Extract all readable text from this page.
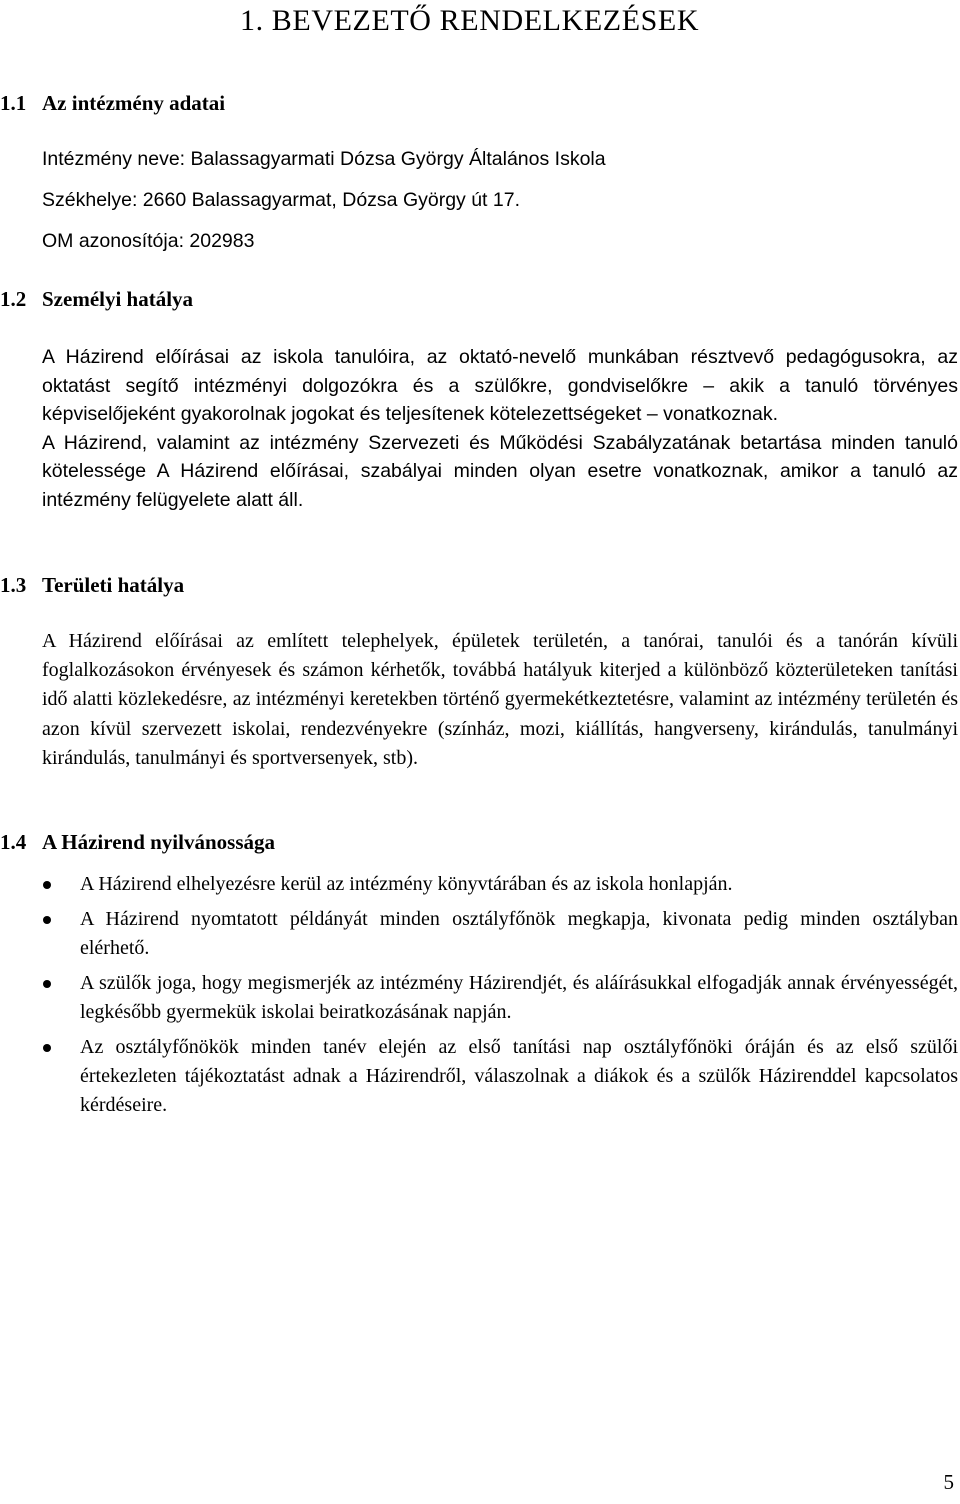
1. BEVEZETŐ RENDELKEZÉSEK
1.1 Az intézmény adatai
Intézmény neve: Balassagyarmati Dózsa György Általános Iskola
Székhelye: 2660 Balassagyarmat, Dózsa György út 17.
OM azonosítója: 202983
1.2 Személyi hatálya

A Házirend előírásai az iskola tanulóira, az oktató-nevelő munkában résztvevő pedagógusokra, az oktatást segítő intézményi dolgozókra és a szülőkre, gondviselőkre – akik a tanuló törvényes képviselőjeként gyakorolnak jogokat és teljesítenek kötelezettségeket – vonatkoznak.

A Házirend, valamint az intézmény Szervezeti és Működési Szabályzatának betartása minden tanuló kötelessége A Házirend előírásai, szabályai minden olyan esetre vonatkoznak, amikor a tanuló az intézmény felügyelete alatt áll.

1.3 Területi hatálya

A Házirend előírásai az említett telephelyek, épületek területén, a tanórai, tanulói és a tanórán kívüli foglalkozásokon érvényesek és számon kérhetők, továbbá hatályuk kiterjed a különböző közterületeken tanítási idő alatti közlekedésre, az intézményi keretekben történő gyermekétkeztetésre, valamint az intézmény területén és azon kívül szervezett iskolai, rendezvényekre (színház, mozi, kiállítás, hangverseny, kirándulás, tanulmányi kirándulás, tanulmányi és sportversenyek, stb).

1.4 A Házirend nyilvánossága
A Házirend elhelyezésre kerül az intézmény könyvtárában és az iskola honlapján.
A Házirend nyomtatott példányát minden osztályfőnök megkapja, kivonata pedig minden osztályban elérhető.
A szülők joga, hogy megismerjék az intézmény Házirendjét, és aláírásukkal elfogadják annak érvényességét, legkésőbb gyermekük iskolai beiratkozásának napján.
Az osztályfőnökök minden tanév elején az első tanítási nap osztályfőnöki óráján és az első szülői értekezleten tájékoztatást adnak a Házirendről, válaszolnak a diákok és a szülők Házirenddel kapcsolatos kérdéseire.
5
